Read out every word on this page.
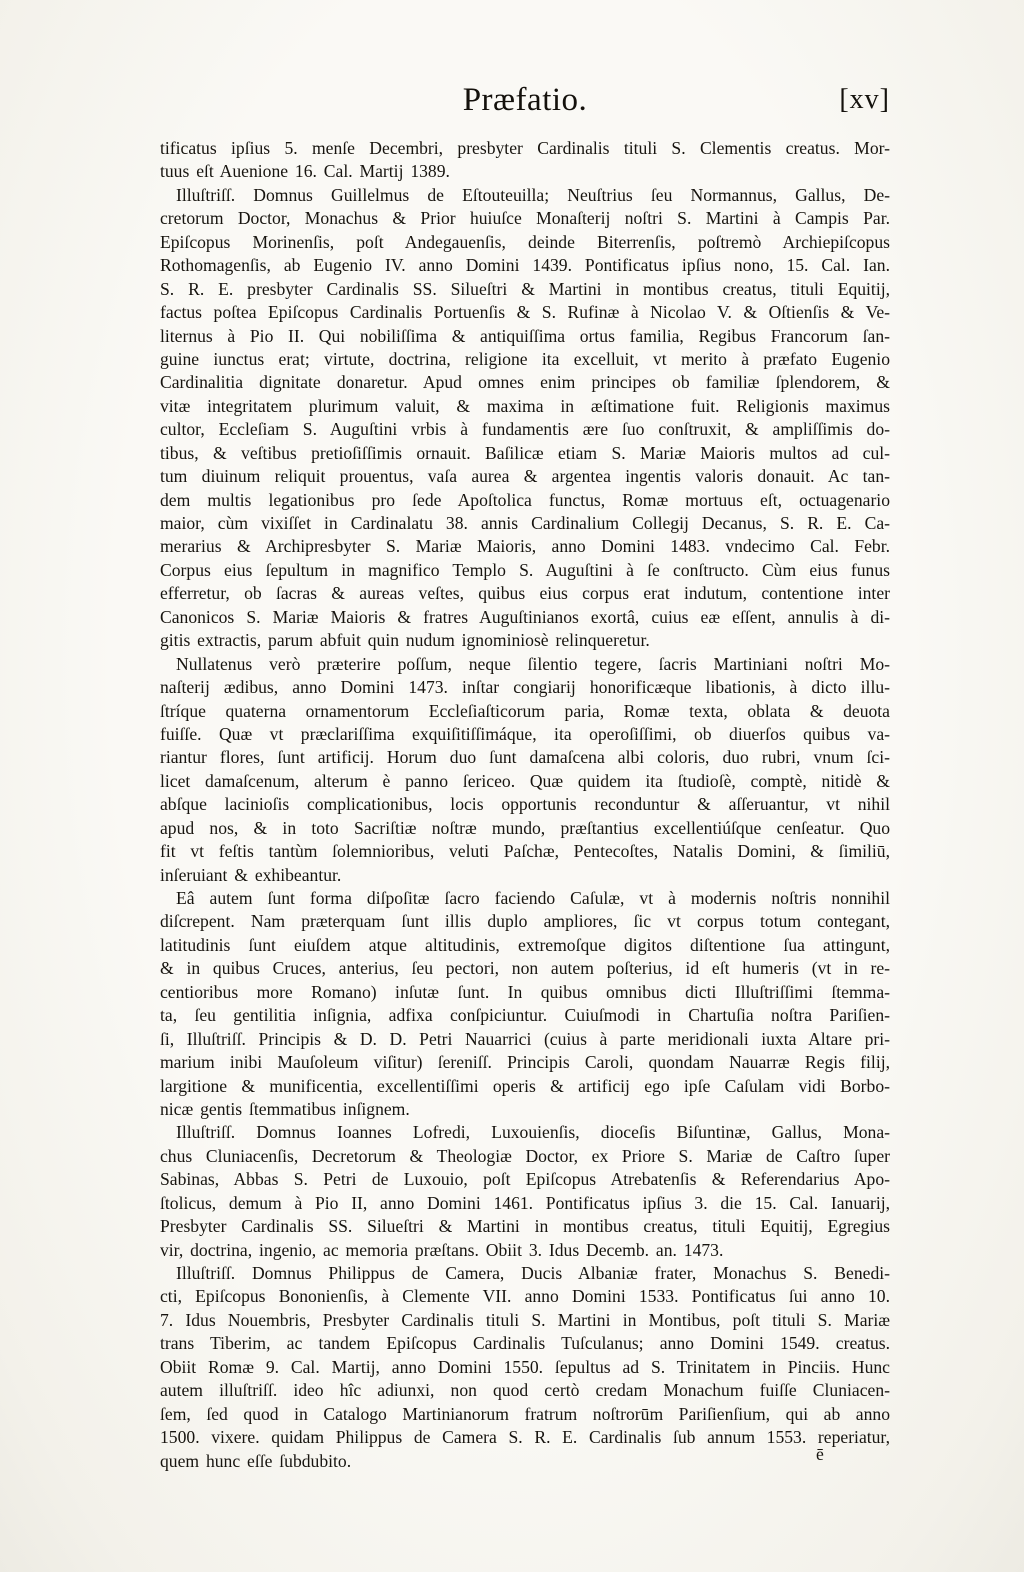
Præfatio.	[xv]
tificatus ipſius 5. menſe Decembri, presbyter Cardinalis tituli S. Clementis creatus. Mor-
tuus eſt Auenione 16. Cal. Martij 1389.
Illuſtriſſ. Domnus Guillelmus de Eſtouteuilla; Neuſtrius ſeu Normannus, Gallus, De-
cretorum Doctor, Monachus & Prior huiuſce Monaſterij noſtri S. Martini à Campis Par.
Epiſcopus Morinenſis, poſt Andegauenſis, deinde Biterrenſis, poſtremò Archiepiſcopus
Rothomagenſis, ab Eugenio IV. anno Domini 1439. Pontificatus ipſius nono, 15. Cal. Ian.
S. R. E. presbyter Cardinalis SS. Silueſtri & Martini in montibus creatus, tituli Equitij,
factus poſtea Epiſcopus Cardinalis Portuenſis & S. Rufinæ à Nicolao V. & Oſtienſis & Ve-
liternus à Pio II. Qui nobiliſſima & antiquiſſima ortus familia, Regibus Francorum ſan-
guine iunctus erat; virtute, doctrina, religione ita excelluit, vt merito à præfato Eugenio
Cardinalitia dignitate donaretur. Apud omnes enim principes ob familiæ ſplendorem, &
vitæ integritatem plurimum valuit, & maxima in æſtimatione fuit. Religionis maximus
cultor, Eccleſiam S. Auguſtini vrbis à fundamentis ære ſuo conſtruxit, & ampliſſimis do-
tibus, & veſtibus pretioſiſſimis ornauit. Baſilicæ etiam S. Mariæ Maioris multos ad cul-
tum diuinum reliquit prouentus, vaſa aurea & argentea ingentis valoris donauit. Ac tan-
dem multis legationibus pro ſede Apoſtolica functus, Romæ mortuus eſt, octuagenario
maior, cùm vixiſſet in Cardinalatu 38. annis Cardinalium Collegij Decanus, S. R. E. Ca-
merarius & Archipresbyter S. Mariæ Maioris, anno Domini 1483. vndecimo Cal. Febr.
Corpus eius ſepultum in magnifico Templo S. Auguſtini à ſe conſtructo. Cùm eius funus
efferretur, ob ſacras & aureas veſtes, quibus eius corpus erat indutum, contentione inter
Canonicos S. Mariæ Maioris & fratres Auguſtinianos exortâ, cuius eæ eſſent, annulis à di-
gitis extractis, parum abfuit quin nudum ignominiosè relinqueretur.
Nullatenus verò præterire poſſum, neque ſilentio tegere, ſacris Martiniani noſtri Mo-
naſterij ædibus, anno Domini 1473. inſtar congiarij honorificæque libationis, à dicto illu-
ſtríque quaterna ornamentorum Eccleſiaſticorum paria, Romæ texta, oblata & deuota
fuiſſe. Quæ vt præclariſſima exquiſitiſſimáque, ita operoſiſſimi, ob diuerſos quibus va-
riantur flores, ſunt artificij. Horum duo ſunt damaſcena albi coloris, duo rubri, vnum ſci-
licet damaſcenum, alterum è panno ſericeo. Quæ quidem ita ſtudioſè, comptè, nitidè &
abſque lacinioſis complicationibus, locis opportunis reconduntur & aſſeruantur, vt nihil
apud nos, & in toto Sacriſtiæ noſtræ mundo, præſtantius excellentiúſque cenſeatur. Quo
fit vt feſtis tantùm ſolemnioribus, veluti Paſchæ, Pentecoſtes, Natalis Domini, & ſimiliū,
inſeruiant & exhibeantur.
Eâ autem ſunt forma diſpoſitæ ſacro faciendo Caſulæ, vt à modernis noſtris nonnihil
diſcrepent. Nam præterquam ſunt illis duplo ampliores, ſic vt corpus totum contegant,
latitudinis ſunt eiuſdem atque altitudinis, extremoſque digitos diſtentione ſua attingunt,
& in quibus Cruces, anterius, ſeu pectori, non autem poſterius, id eſt humeris (vt in re-
centioribus more Romano) inſutæ ſunt. In quibus omnibus dicti Illuſtriſſimi ſtemma-
ta, ſeu gentilitia inſignia, adfixa conſpiciuntur. Cuiuſmodi in Chartuſia noſtra Pariſien-
ſi, Illuſtriſſ. Principis & D. D. Petri Nauarrici (cuius à parte meridionali iuxta Altare pri-
marium inibi Mauſoleum viſitur) ſereniſſ. Principis Caroli, quondam Nauarræ Regis filij,
largitione & munificentia, excellentiſſimi operis & artificij ego ipſe Caſulam vidi Borbo-
nicæ gentis ſtemmatibus inſignem.
Illuſtriſſ. Domnus Ioannes Lofredi, Luxouienſis, dioceſis Biſuntinæ, Gallus, Mona-
chus Cluniacenſis, Decretorum & Theologiæ Doctor, ex Priore S. Mariæ de Caſtro ſuper
Sabinas, Abbas S. Petri de Luxouio, poſt Epiſcopus Atrebatenſis & Referendarius Apo-
ſtolicus, demum à Pio II, anno Domini 1461. Pontificatus ipſius 3. die 15. Cal. Ianuarij,
Presbyter Cardinalis SS. Silueſtri & Martini in montibus creatus, tituli Equitij, Egregius
vir, doctrina, ingenio, ac memoria præſtans. Obiit 3. Idus Decemb. an. 1473.
Illuſtriſſ. Domnus Philippus de Camera, Ducis Albaniæ frater, Monachus S. Benedi-
cti, Epiſcopus Bononienſis, à Clemente VII. anno Domini 1533. Pontificatus ſui anno 10.
7. Idus Nouembris, Presbyter Cardinalis tituli S. Martini in Montibus, poſt tituli S. Mariæ
trans Tiberim, ac tandem Epiſcopus Cardinalis Tuſculanus; anno Domini 1549. creatus.
Obiit Romæ 9. Cal. Martij, anno Domini 1550. ſepultus ad S. Trinitatem in Pinciis. Hunc
autem illuſtriſſ. ideo hîc adiunxi, non quod certò credam Monachum fuiſſe Cluniacen-
ſem, ſed quod in Catalogo Martinianorum fratrum noſtrorūm Pariſienſium, qui ab anno
1500. vixere. quidam Philippus de Camera S. R. E. Cardinalis ſub annum 1553. reperiatur,
quem hunc eſſe ſubdubito.	ē
